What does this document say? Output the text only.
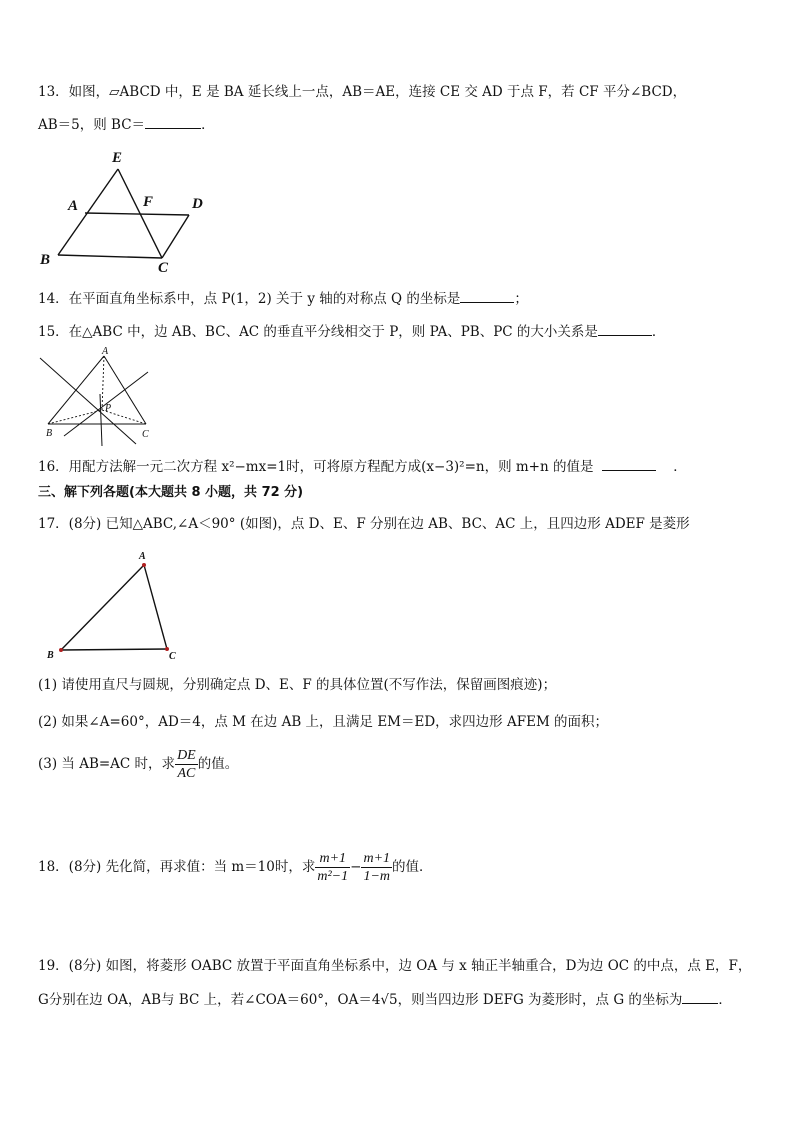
13．如图，▱ABCD 中，E 是 BA 延长线上一点，AB＝AE，连接 CE 交 AD 于点 F，若 CF 平分∠BCD，
AB＝5，则 BC＝	．
E
A	F	D
B	C
14．在平面直角坐标系中，点 P(1，2) 关于 y 轴的对称点 Q 的坐标是	；
15．在△ABC 中，边 AB、BC、AC 的垂直平分线相交于 P，则 PA、PB、PC 的大小关系是	．
A
P
B	C
16．用配方法解一元二次方程 x²−mx=1时，可将原方程配方成(x−3)²=n，则 m+n 的值是	．
三、解下列各题(本大题共 8 小题，共 72 分)
17．(8分) 已知△ABC,∠A＜90° (如图)，点 D、E、F 分别在边 AB、BC、AC 上，且四边形 ADEF 是菱形
A
B	C
(1) 请使用直尺与圆规，分别确定点 D、E、F 的具体位置(不写作法，保留画图痕迹)；
(2) 如果∠A=60°，AD＝4，点 M 在边 AB 上，且满足 EM＝ED，求四边形 AFEM 的面积；
(3) 当 AB=AC 时，求 $\frac{DE}{AC}$ 的值。
18．(8分) 先化简，再求值：当 m＝10时，求 $\frac{m+1}{\text{m²−1}} - \frac{m+1}{1-m}$ 的值．
19．(8分) 如图，将菱形 OABC 放置于平面直角坐标系中，边 OA 与 x 轴正半轴重合，D为边 OC 的中点，点 E，F，
G分别在边 OA，AB与 BC 上，若∠COA＝60°，OA＝4√5，则当四边形 DEFG 为菱形时，点 G 的坐标为	．
